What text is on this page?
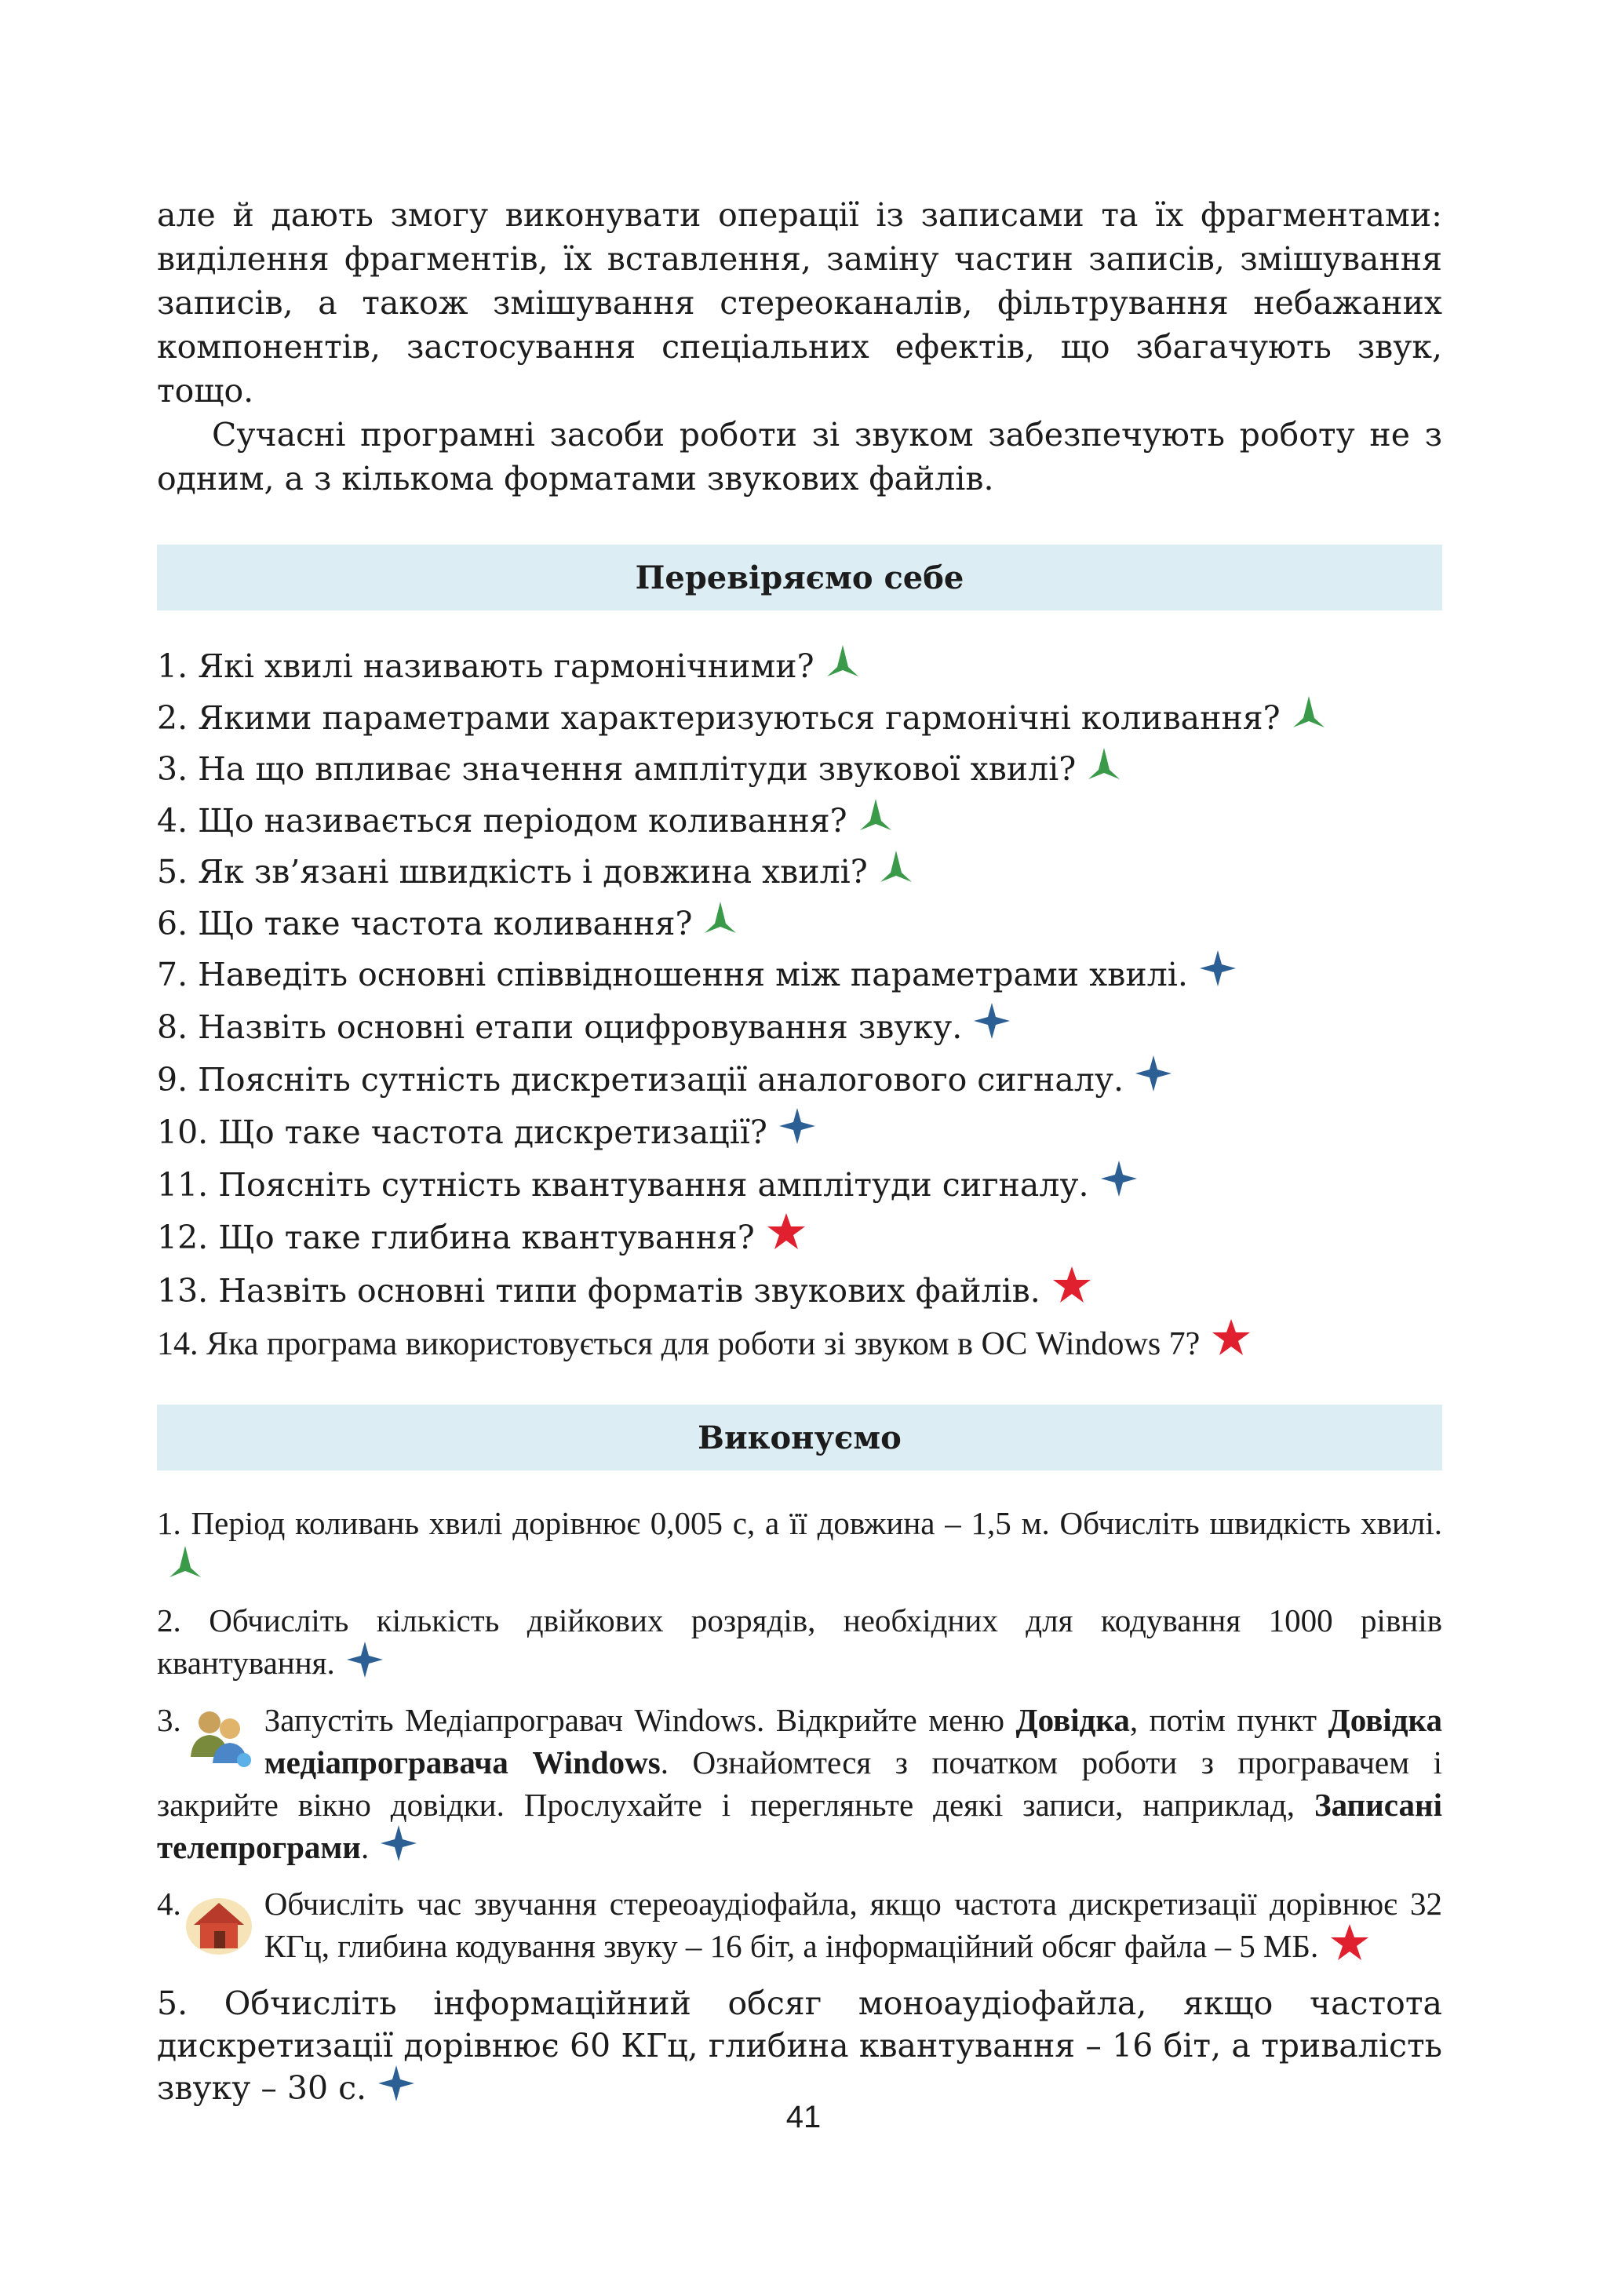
але й дають змогу виконувати операції із записами та їх фрагментами: виділення фрагментів, їх вставлення, заміну частин записів, змішування записів, а також змішування стереоканалів, фільтрування небажаних компонентів, застосування спеціальних ефектів, що збагачують звук, тощо.

Сучасні програмні засоби роботи зі звуком забезпечують роботу не з одним, а з кількома форматами звукових файлів.

Перевіряємо себе

1. Які хвилі називають гармонічними?

2. Якими параметрами характеризуються гармонічні коливання?

3. На що впливає значення амплітуди звукової хвилі?

4. Що називається періодом коливання?

5. Як зв’язані швидкість і довжина хвилі?

6. Що таке частота коливання?

7. Наведіть основні співвідношення між параметрами хвилі.

8. Назвіть основні етапи оцифровування звуку.

9. Поясніть сутність дискретизації аналогового сигналу.

10. Що таке частота дискретизації?

11. Поясніть сутність квантування амплітуди сигналу.

12. Що таке глибина квантування?

13. Назвіть основні типи форматів звукових файлів.

14. Яка програма використовується для роботи зі звуком в ОС Windows 7?

Виконуємо

1. Період коливань хвилі дорівнює 0,005 с, а її довжина – 1,5 м. Обчисліть швидкість хвилі.

2. Обчисліть кількість двійкових розрядів, необхідних для кодування 1000 рівнів квантування.

3.	Запустіть Медіапрогравач Windows. Відкрийте меню Довідка, потім пункт Довідка медіапрогравача Windows. Ознайомтеся з початком роботи з програвачем і закрийте вікно довідки. Прослухайте і перегляньте деякі записи, наприклад, Записані телепрограми.
4.	Обчисліть час звучання стереоаудіофайла, якщо частота дискретизації дорівнює 32 КГц, глибина кодування звуку – 16 біт, а інформаційний обсяг файла – 5 МБ.

5. Обчисліть інформаційний обсяг моноаудіофайла, якщо частота дискретизації дорівнює 60 КГц, глибина квантування – 16 біт, а тривалість звуку – 30 с.

41
